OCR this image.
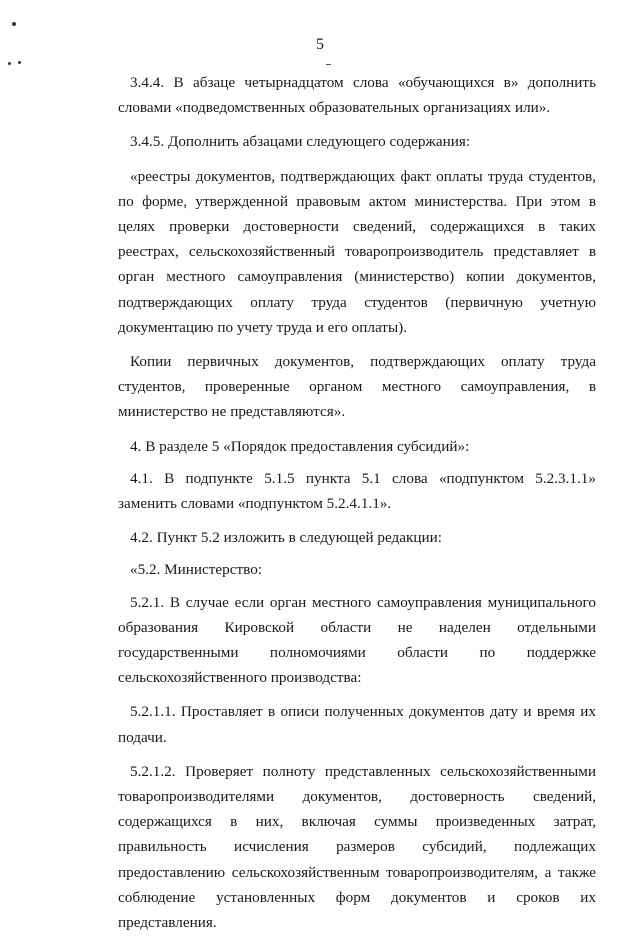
5

3.4.4. В абзаце четырнадцатом слова «обучающихся в» дополнить словами «подведомственных образовательных организациях или».

3.4.5. Дополнить абзацами следующего содержания:

«реестры документов, подтверждающих факт оплаты труда студентов, по форме, утвержденной правовым актом министерства. При этом в целях проверки достоверности сведений, содержащихся в таких реестрах, сельскохозяйственный товаропроизводитель представляет в орган местного самоуправления (министерство) копии документов, подтверждающих оплату труда студентов (первичную учетную документацию по учету труда и его оплаты).

Копии первичных документов, подтверждающих оплату труда студентов, проверенные органом местного самоуправления, в министерство не представляются».

4. В разделе 5 «Порядок предоставления субсидий»:

4.1. В подпункте 5.1.5 пункта 5.1 слова «подпунктом 5.2.3.1.1» заменить словами «подпунктом 5.2.4.1.1».

4.2. Пункт 5.2 изложить в следующей редакции:

«5.2. Министерство:

5.2.1. В случае если орган местного самоуправления муниципального образования Кировской области не наделен отдельными государственными полномочиями области по поддержке сельскохозяйственного производства:

5.2.1.1. Проставляет в описи полученных документов дату и время их подачи.

5.2.1.2. Проверяет полноту представленных сельскохозяйственными товаропроизводителями документов, достоверность сведений, содержащихся в них, включая суммы произведенных затрат, правильность исчисления размеров субсидий, подлежащих предоставлению сельскохозяйственным товаропроизводителям, а также соблюдение установленных форм документов и сроков их представления.
